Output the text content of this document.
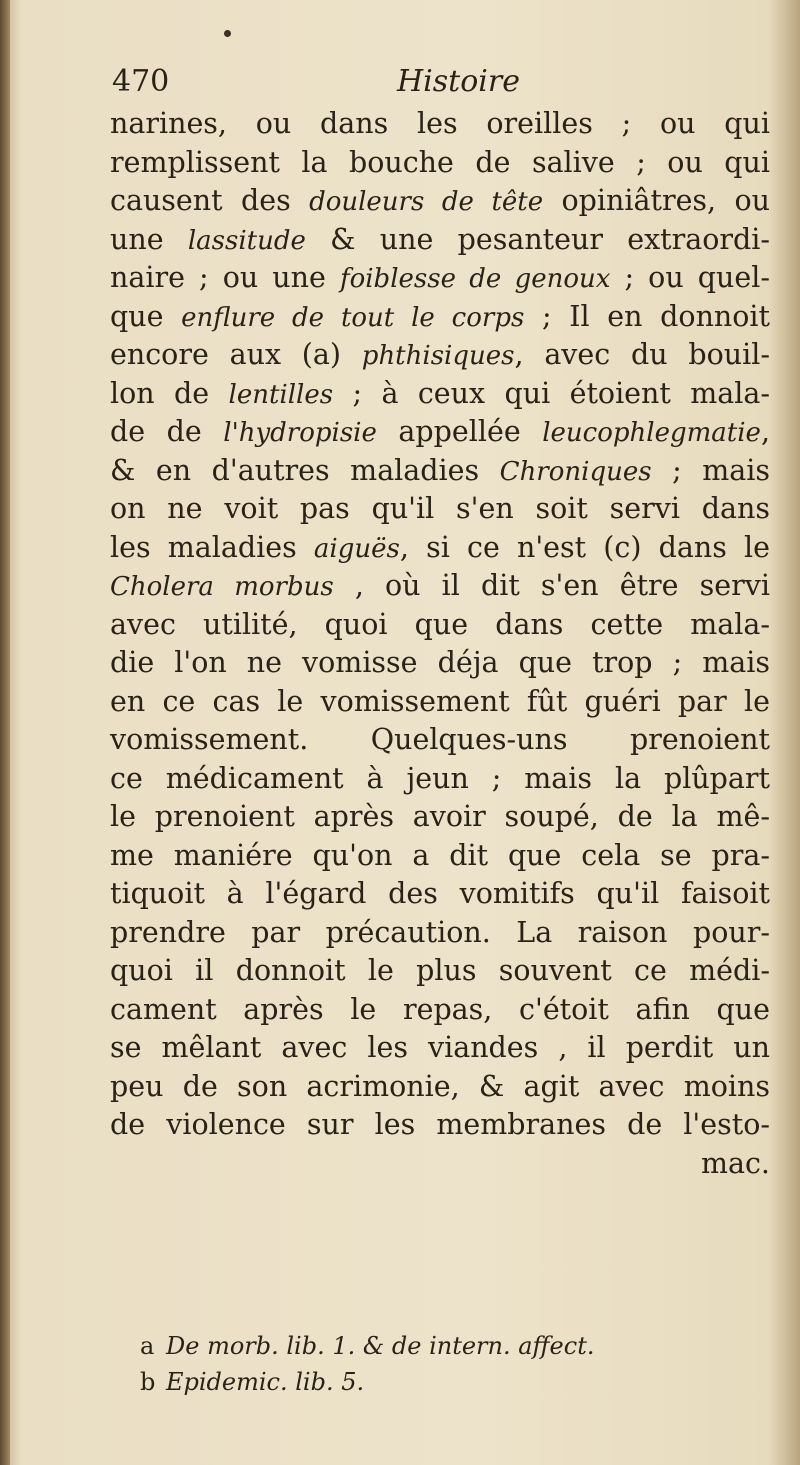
470	Histoire
narines, ou dans les oreilles ; ou qui
remplissent la bouche de salive ; ou qui
causent des douleurs de tête opiniâtres, ou
une lassitude & une pesanteur extraordi-
naire ; ou une foiblesse de genoux ; ou quel-
que enflure de tout le corps ; Il en donnoit
encore aux (a) phthisiques, avec du bouil-
lon de lentilles ; à ceux qui étoient mala-
de de l'hydropisie appellée leucophlegmatie,
& en d'autres maladies Chroniques ; mais
on ne voit pas qu'il s'en soit servi dans
les maladies aiguës, si ce n'est (c) dans le
Cholera morbus , où il dit s'en être servi
avec utilité, quoi que dans cette mala-
die l'on ne vomisse déja que trop ; mais
en ce cas le vomissement fût guéri par le
vomissement. Quelques-uns prenoient
ce médicament à jeun ; mais la plûpart
le prenoient après avoir soupé, de la mê-
me maniére qu'on a dit que cela se pra-
tiquoit à l'égard des vomitifs qu'il faisoit
prendre par précaution. La raison pour-
quoi il donnoit le plus souvent ce médi-
cament après le repas, c'étoit afin que
se mêlant avec les viandes , il perdit un
peu de son acrimonie, & agit avec moins
de violence sur les membranes de l'esto-
mac.
a De morb. lib. 1. & de intern. affect.
b Epidemic. lib. 5.
